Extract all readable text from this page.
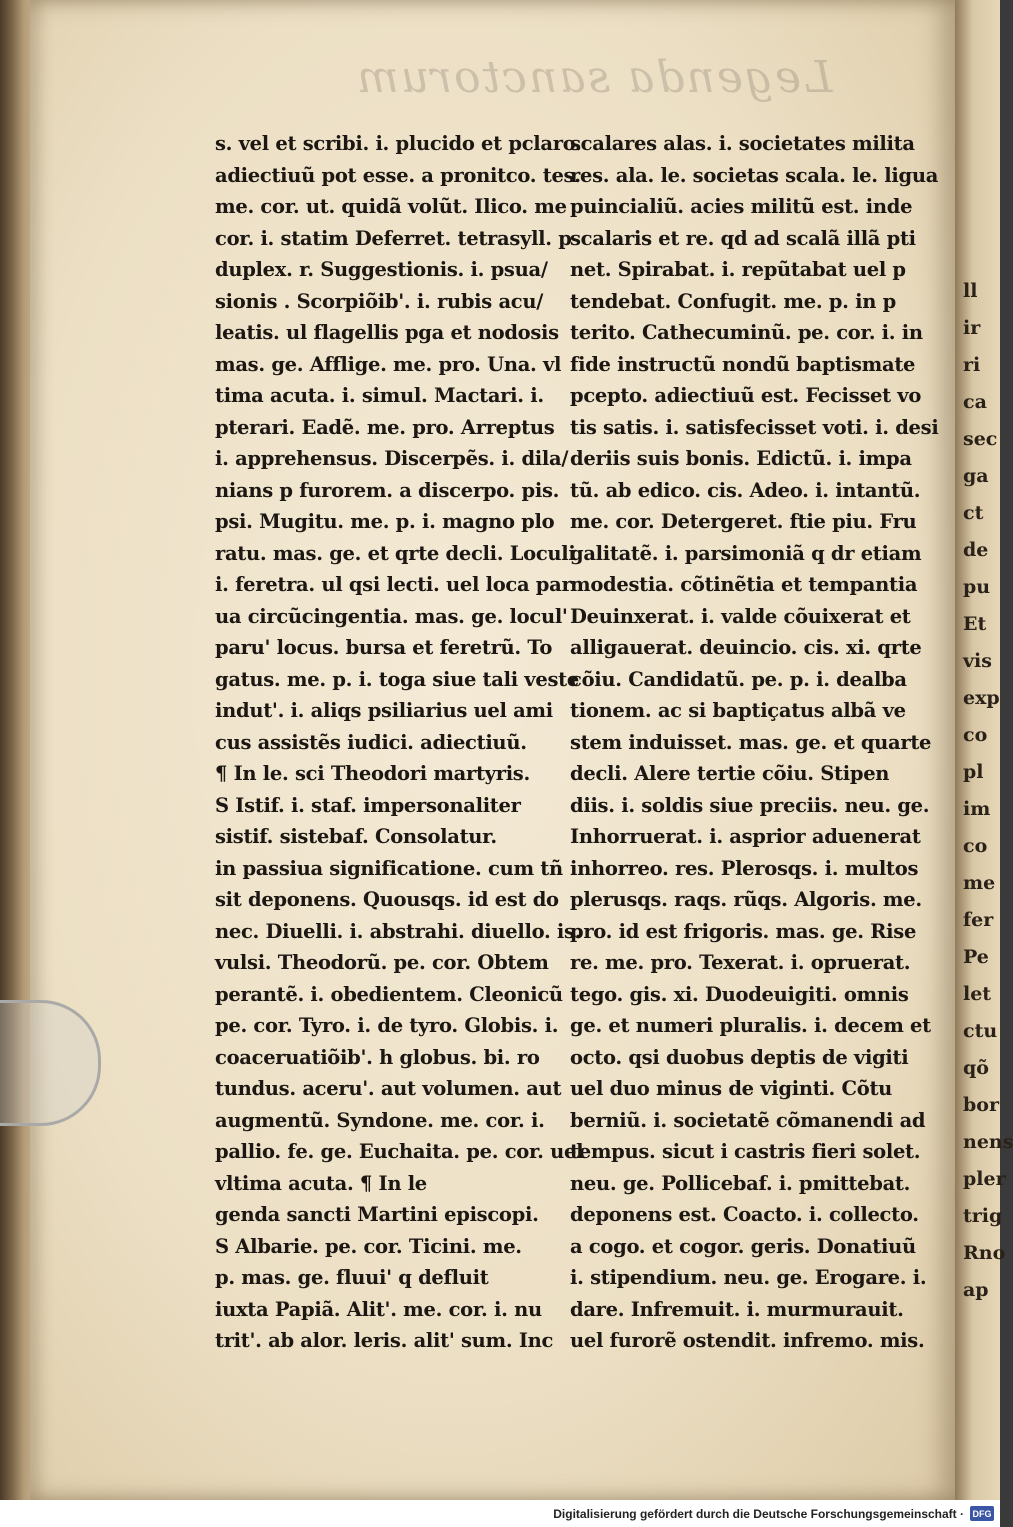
ll
ir
ri
ca
sec
ga
ct
de
pu
Et
vis
exp
co
pl
im
co
me
fer
Pe
let
ctu
qõ
bor
nens
pler
trig
Rno
ap
Legenda sanctorum
s. vel et scribi. i. plucido et pclaro.
adiectiuũ pot esse. a pronitco. tes.
me. cor. ut. quidã volũt. Ilico. me
cor. i. statim Deferret. tetrasyll. p
duplex. r. Suggestionis. i. psua/
sionis . Scorpiõib'. i. rubis acu/
leatis. ul flagellis pga et nodosis
mas. ge. Afflige. me. pro. Una. vl
tima acuta. i. simul. Mactari. i.
pterari. Eadẽ. me. pro. Arreptus
i. apprehensus. Discerpẽs. i. dila/
nians p furorem. a discerpo. pis.
psi. Mugitu. me. p. i. magno plo
ratu. mas. ge. et qrte decli. Loculi
i. feretra. ul qsi lecti. uel loca par
ua circũcingentia. mas. ge. locul'
paru' locus. bursa et feretrũ. To
gatus. me. p. i. toga siue tali veste
indut'. i. aliqs psiliarius uel ami
cus assistẽs iudici. adiectiuũ.
¶ In le. sci Theodori martyris.
S Istif. i. staf. impersonaliter
sistif. sistebaf. Consolatur.
in passiua significatione. cum tñ
sit deponens. Quousqs. id est do
nec. Diuelli. i. abstrahi. diuello. is.
vulsi. Theodorũ. pe. cor. Obtem
perantẽ. i. obedientem. Cleonicũ
pe. cor. Tyro. i. de tyro. Globis. i.
coaceruatiõib'. h globus. bi. ro
tundus. aceru'. aut volumen. aut
augmentũ. Syndone. me. cor. i.
pallio. fe. ge. Euchaita. pe. cor. uel
vltima acuta. ¶ In le
genda sancti Martini episcopi.
S Albarie. pe. cor. Ticini. me.
p. mas. ge. fluui' q defluit
iuxta Papiã. Alit'. me. cor. i. nu
trit'. ab alor. leris. alit' sum. Inc
scalares alas. i. societates milita
res. ala. le. societas scala. le. ligua
puincialiũ. acies militũ est. inde
scalaris et re. qd ad scalã illã pti
net. Spirabat. i. repũtabat uel p
tendebat. Confugit. me. p. in p
terito. Cathecuminũ. pe. cor. i. in
fide instructũ nondũ baptismate
pcepto. adiectiuũ est. Fecisset vo
tis satis. i. satisfecisset voti. i. desi
deriis suis bonis. Edictũ. i. impa
tũ. ab edico. cis. Adeo. i. intantũ.
me. cor. Detergeret. ftie piu. Fru
galitatẽ. i. parsimoniã q dr etiam
modestia. cõtinẽtia et tempantia
Deuinxerat. i. valde cõuixerat et
alligauerat. deuincio. cis. xi. qrte
cõiu. Candidatũ. pe. p. i. dealba
tionem. ac si baptiçatus albã ve
stem induisset. mas. ge. et quarte
decli. Alere tertie cõiu. Stipen
diis. i. soldis siue preciis. neu. ge.
Inhorruerat. i. asprior aduenerat
inhorreo. res. Plerosqs. i. multos
plerusqs. raqs. rũqs. Algoris. me.
pro. id est frigoris. mas. ge. Rise
re. me. pro. Texerat. i. opruerat.
tego. gis. xi. Duodeuigiti. omnis
ge. et numeri pluralis. i. decem et
octo. qsi duobus deptis de vigiti
uel duo minus de viginti. Cõtu
berniũ. i. societatẽ cõmanendi ad
tempus. sicut i castris fieri solet.
neu. ge. Pollicebaf. i. pmittebat.
deponens est. Coacto. i. collecto.
a cogo. et cogor. geris. Donatiuũ
i. stipendium. neu. ge. Erogare. i.
dare. Infremuit. i. murmurauit.
uel furorẽ ostendit. infremo. mis.
Digitalisierung gefördert durch die Deutsche Forschungsgemeinschaft · DFG
